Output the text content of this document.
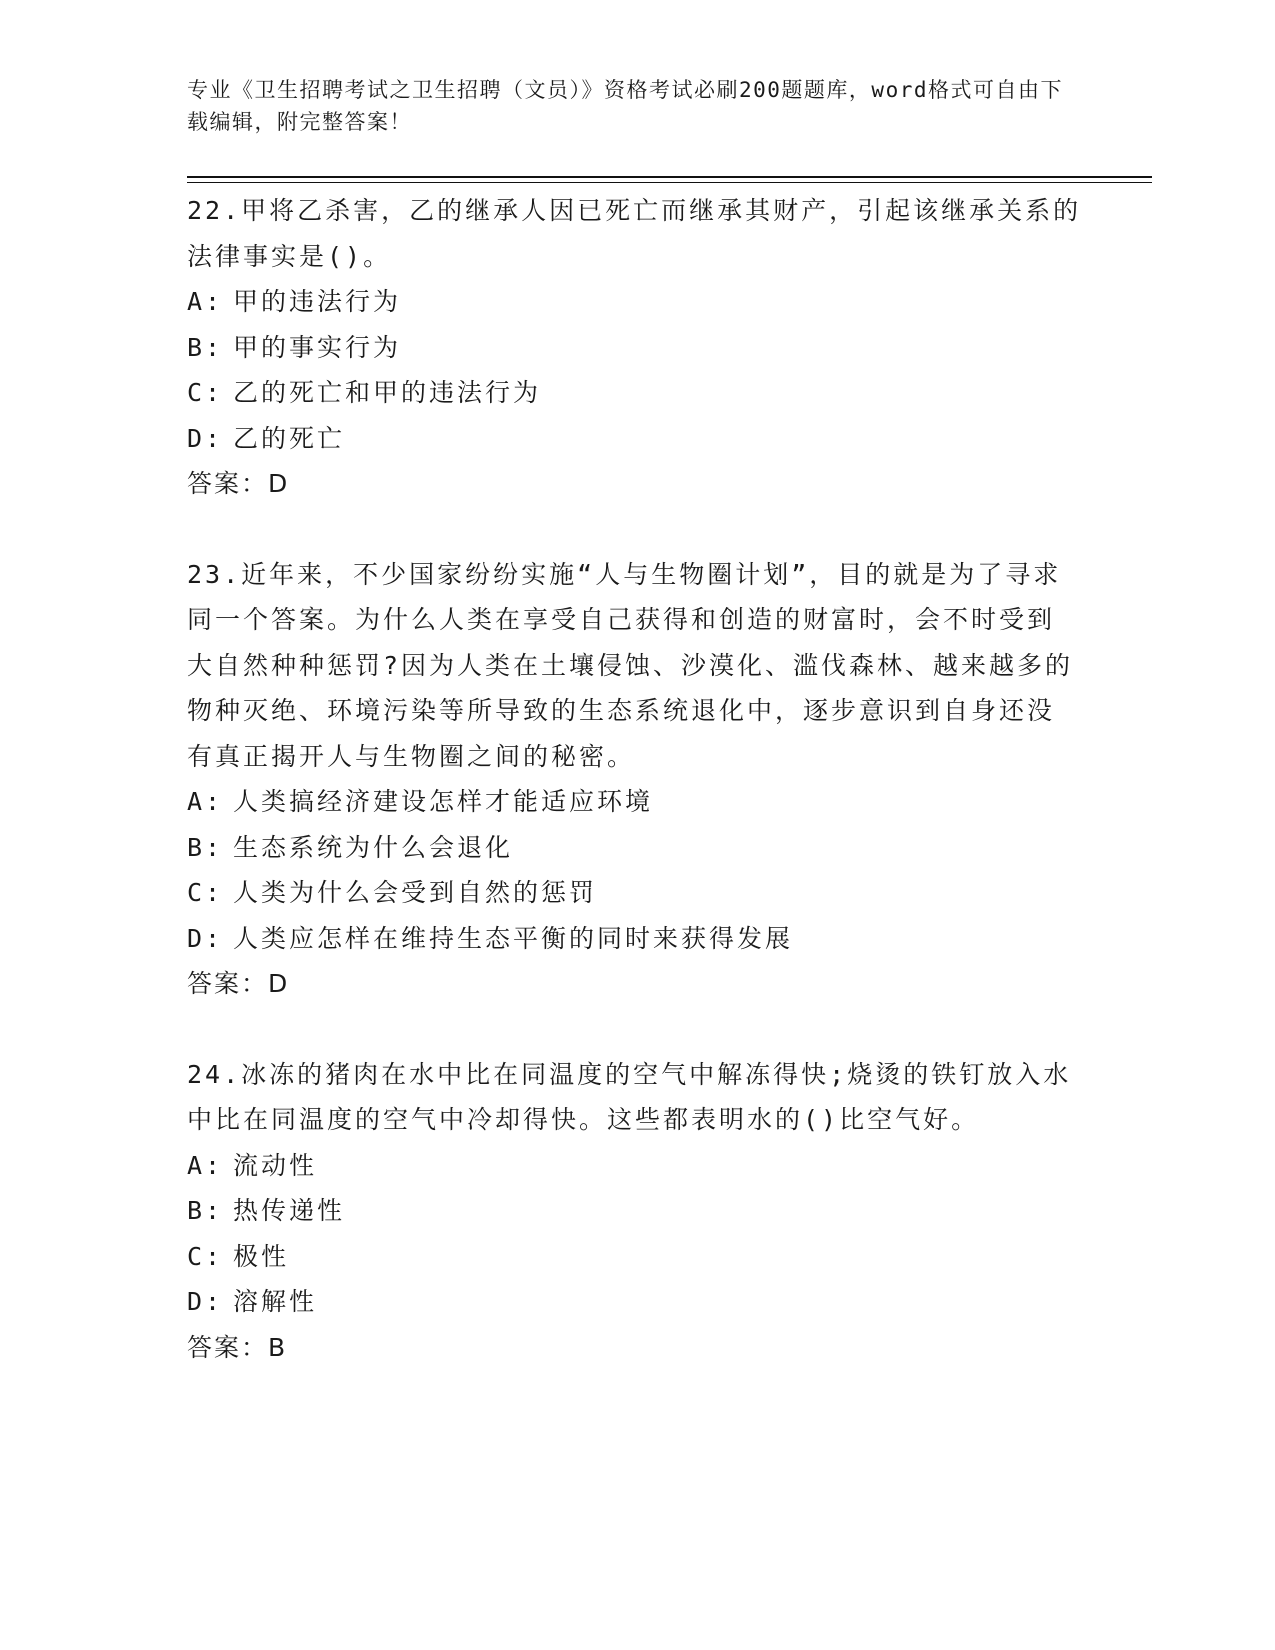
专业《卫生招聘考试之卫生招聘（文员）》资格考试必刷200题题库，word格式可自由下载编辑，附完整答案！

22.甲将乙杀害，乙的继承人因已死亡而继承其财产，引起该继承关系的法律事实是()。

A: 甲的违法行为

B: 甲的事实行为

C: 乙的死亡和甲的违法行为

D: 乙的死亡

答案：D

23.近年来，不少国家纷纷实施“人与生物圈计划”，目的就是为了寻求同一个答案。为什么人类在享受自己获得和创造的财富时，会不时受到大自然种种惩罚?因为人类在土壤侵蚀、沙漠化、滥伐森林、越来越多的物种灭绝、环境污染等所导致的生态系统退化中，逐步意识到自身还没有真正揭开人与生物圈之间的秘密。

A: 人类搞经济建设怎样才能适应环境

B: 生态系统为什么会退化

C: 人类为什么会受到自然的惩罚

D: 人类应怎样在维持生态平衡的同时来获得发展

答案：D

24.冰冻的猪肉在水中比在同温度的空气中解冻得快;烧烫的铁钉放入水中比在同温度的空气中冷却得快。这些都表明水的()比空气好。

A: 流动性

B: 热传递性

C: 极性

D: 溶解性

答案：B
